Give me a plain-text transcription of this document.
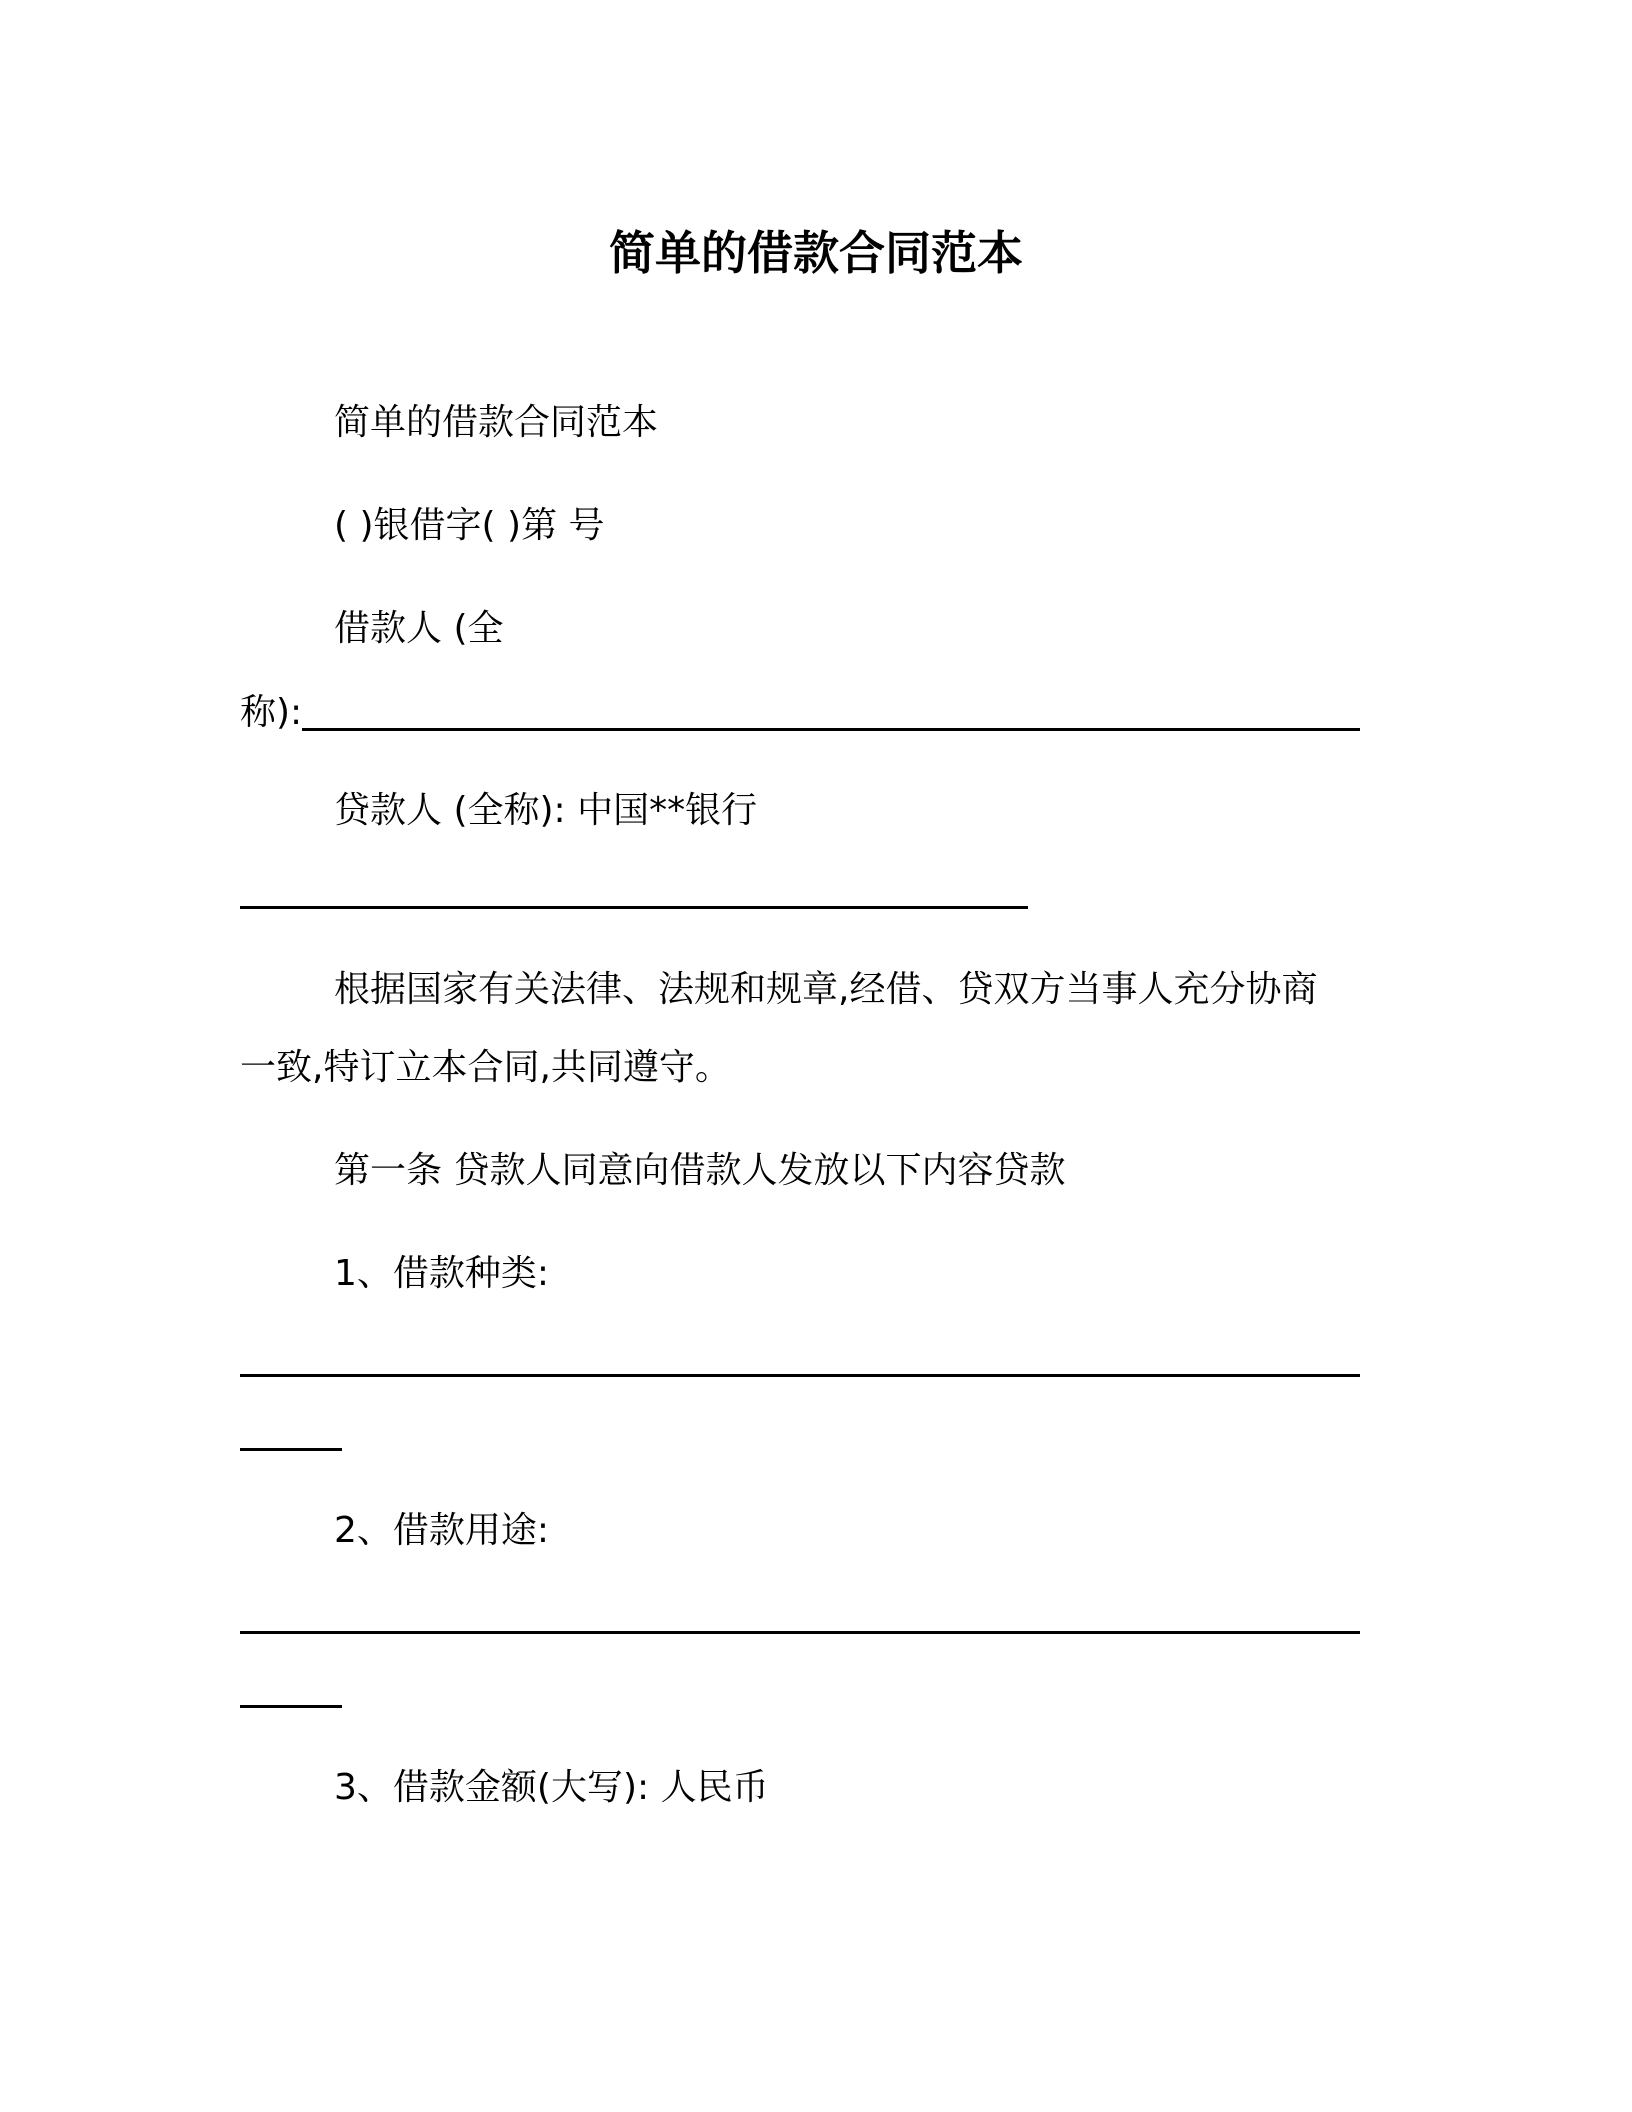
简单的借款合同范本
简单的借款合同范本
( )银借字( )第 号
借款人 (全
称):
贷款人 (全称): 中国**银行
根据国家有关法律、法规和规章,经借、贷双方当事人充分协商
一致,特订立本合同,共同遵守。
第一条 贷款人同意向借款人发放以下内容贷款
1、借款种类:
2、借款用途:
3、借款金额(大写): 人民币
